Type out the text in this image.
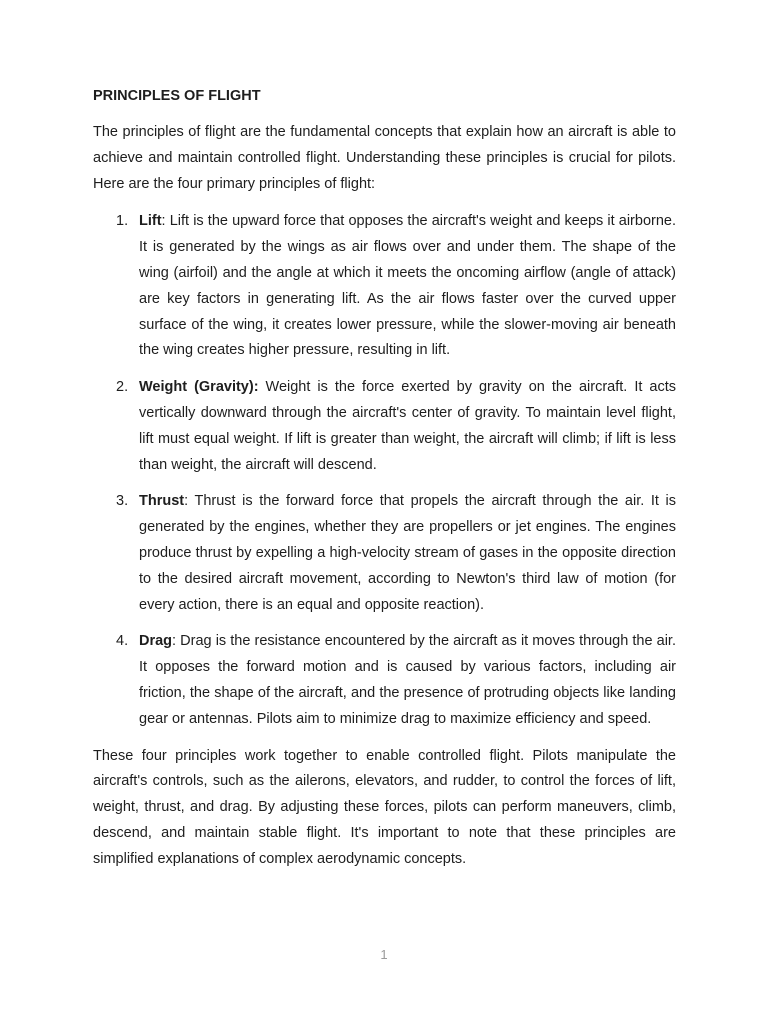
PRINCIPLES OF FLIGHT

The principles of flight are the fundamental concepts that explain how an aircraft is able to achieve and maintain controlled flight. Understanding these principles is crucial for pilots. Here are the four primary principles of flight:

1. Lift: Lift is the upward force that opposes the aircraft's weight and keeps it airborne. It is generated by the wings as air flows over and under them. The shape of the wing (airfoil) and the angle at which it meets the oncoming airflow (angle of attack) are key factors in generating lift. As the air flows faster over the curved upper surface of the wing, it creates lower pressure, while the slower-moving air beneath the wing creates higher pressure, resulting in lift.
2. Weight (Gravity): Weight is the force exerted by gravity on the aircraft. It acts vertically downward through the aircraft's center of gravity. To maintain level flight, lift must equal weight. If lift is greater than weight, the aircraft will climb; if lift is less than weight, the aircraft will descend.
3. Thrust: Thrust is the forward force that propels the aircraft through the air. It is generated by the engines, whether they are propellers or jet engines. The engines produce thrust by expelling a high-velocity stream of gases in the opposite direction to the desired aircraft movement, according to Newton's third law of motion (for every action, there is an equal and opposite reaction).
4. Drag: Drag is the resistance encountered by the aircraft as it moves through the air. It opposes the forward motion and is caused by various factors, including air friction, the shape of the aircraft, and the presence of protruding objects like landing gear or antennas. Pilots aim to minimize drag to maximize efficiency and speed.

These four principles work together to enable controlled flight. Pilots manipulate the aircraft's controls, such as the ailerons, elevators, and rudder, to control the forces of lift, weight, thrust, and drag. By adjusting these forces, pilots can perform maneuvers, climb, descend, and maintain stable flight. It's important to note that these principles are simplified explanations of complex aerodynamic concepts.

1
